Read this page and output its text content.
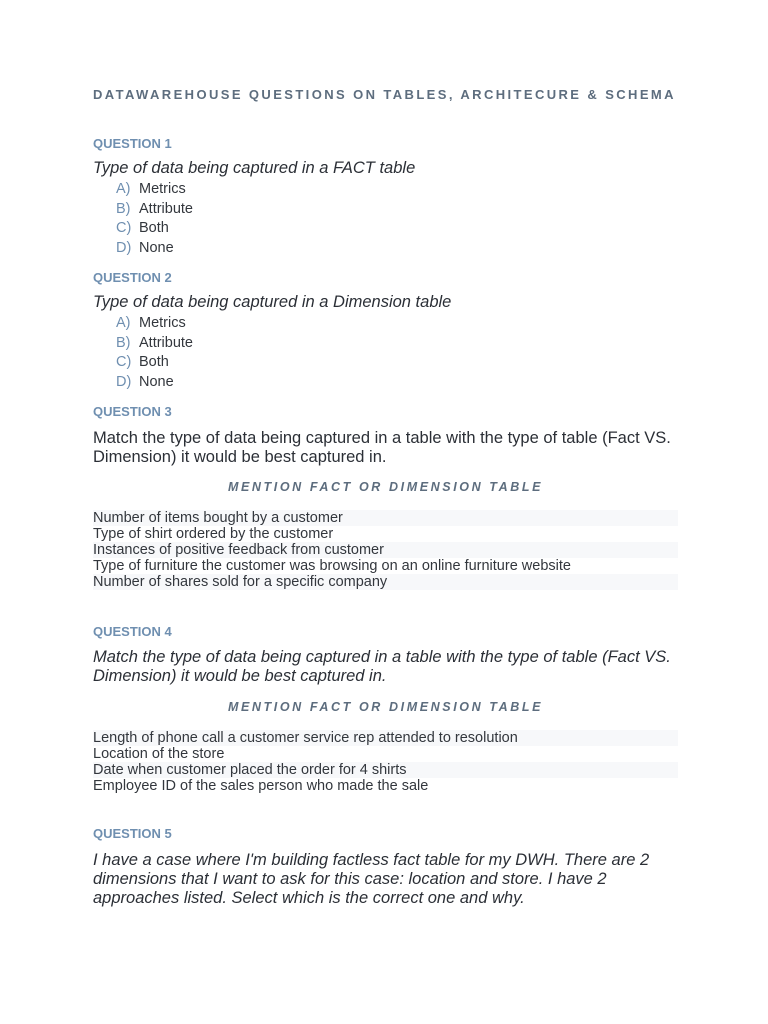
DATAWAREHOUSE QUESTIONS ON TABLES, ARCHITECURE & SCHEMA
QUESTION 1
Type of data being captured in a FACT table
A) Metrics
B) Attribute
C) Both
D) None
QUESTION 2
Type of data being captured in a Dimension table
A) Metrics
B) Attribute
C) Both
D) None
QUESTION 3
Match the type of data being captured in a table with the type of table (Fact VS. Dimension) it would be best captured in.
MENTION FACT OR DIMENSION TABLE
Number of items bought by a customer
Type of shirt ordered by the customer
Instances of positive feedback from customer
Type of furniture the customer was browsing on an online furniture website
Number of shares sold for a specific company
QUESTION 4
Match the type of data being captured in a table with the type of table (Fact VS. Dimension) it would be best captured in.
MENTION FACT OR DIMENSION TABLE
Length of phone call a customer service rep attended to resolution
Location of the store
Date when customer placed the order for 4 shirts
Employee ID of the sales person who made the sale
QUESTION 5
I have a case where I'm building factless fact table for my DWH. There are 2 dimensions that I want to ask for this case: location and store. I have 2 approaches listed. Select which is the correct one and why.
